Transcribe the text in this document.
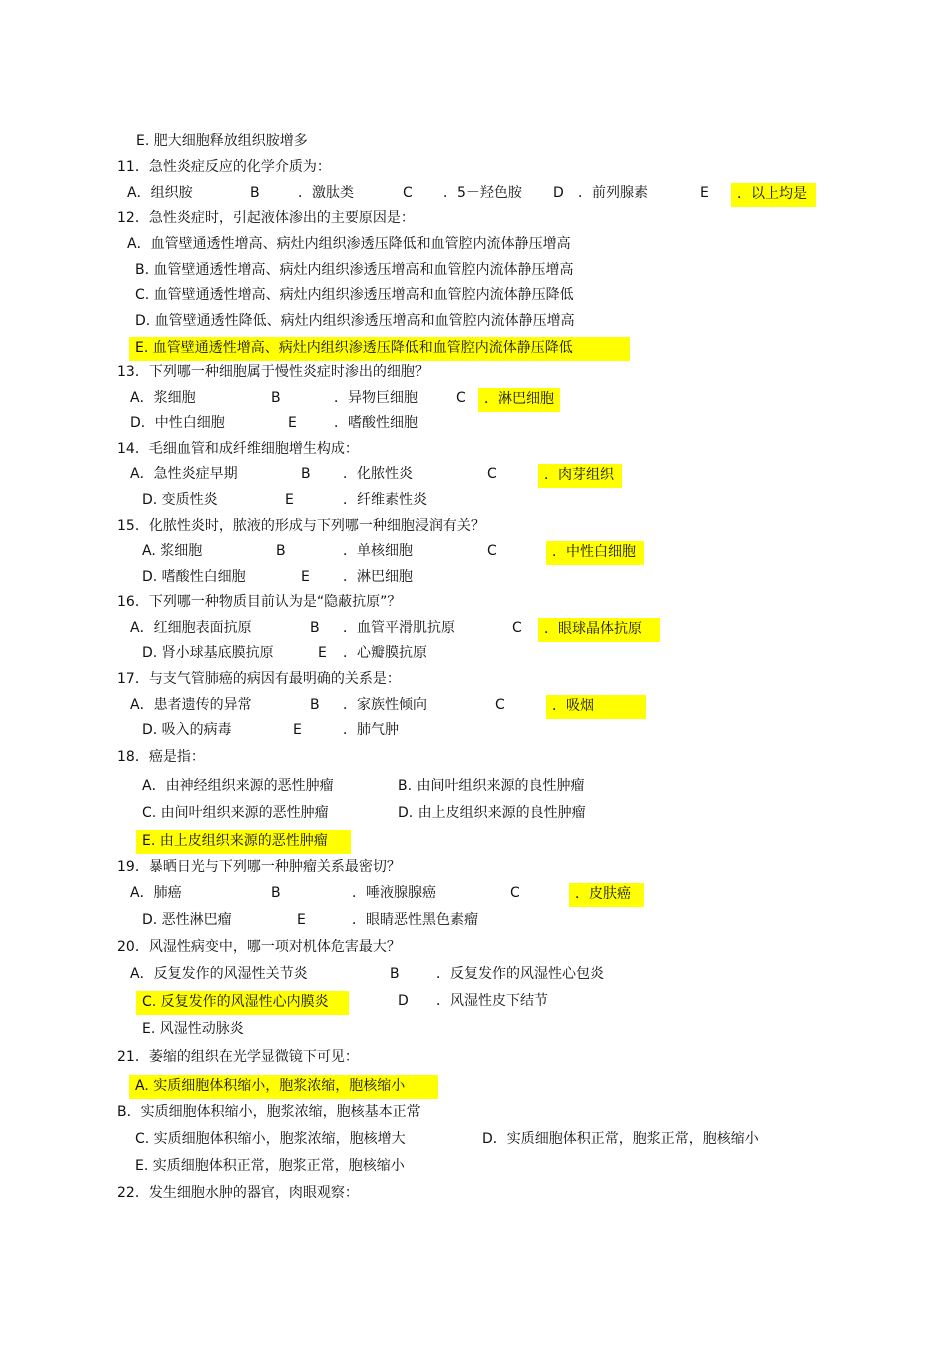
E. 肥大细胞释放组织胺增多
11．急性炎症反应的化学介质为：
A．组织胺	B	．激肽类	C ．5－羟色胺 D ．前列腺素	E	．以上均是
12．急性炎症时，引起液体渗出的主要原因是：
A．血管壁通透性增高、病灶内组织渗透压降低和血管腔内流体静压增高
B. 血管壁通透性增高、病灶内组织渗透压增高和血管腔内流体静压增高
C. 血管壁通透性增高、病灶内组织渗透压增高和血管腔内流体静压降低
D. 血管壁通透性降低、病灶内组织渗透压增高和血管腔内流体静压增高
E. 血管壁通透性增高、病灶内组织渗透压降低和血管腔内流体静压降低
13．下列哪一种细胞属于慢性炎症时渗出的细胞？
A．浆细胞	B	．异物巨细胞	C	．淋巴细胞
D．中性白细胞	E	．嗜酸性细胞
14．毛细血管和成纤维细胞增生构成：
A．急性炎症早期	B ．化脓性炎	C	．肉芽组织
D. 变质性炎	E	．纤维素性炎
15．化脓性炎时，脓液的形成与下列哪一种细胞浸润有关？
A. 浆细胞	B	．单核细胞	C	．中性白细胞
D. 嗜酸性白细胞	E ．淋巴细胞
16．下列哪一种物质目前认为是“隐蔽抗原”？
A．红细胞表面抗原	B ．血管平滑肌抗原	C	．眼球晶体抗原
D. 肾小球基底膜抗原	E ．心瓣膜抗原
17．与支气管肺癌的病因有最明确的关系是：
A．患者遗传的异常	B ．家族性倾向	C	．吸烟
D. 吸入的病毒	E	．肺气肿
18．癌是指：
A．由神经组织来源的恶性肿瘤	B. 由间叶组织来源的良性肿瘤
C. 由间叶组织来源的恶性肿瘤	D. 由上皮组织来源的良性肿瘤
E. 由上皮组织来源的恶性肿瘤
19．暴晒日光与下列哪一种肿瘤关系最密切？
A．肺癌	B	．唾液腺腺癌	C	．皮肤癌
D. 恶性淋巴瘤	E	．眼睛恶性黑色素瘤
20．风湿性病变中，哪一项对机体危害最大？
A．反复发作的风湿性关节炎	B	．反复发作的风湿性心包炎
C. 反复发作的风湿性心内膜炎	D ．风湿性皮下结节
E. 风湿性动脉炎
21．萎缩的组织在光学显微镜下可见：
A. 实质细胞体积缩小，胞浆浓缩，胞核缩小
B．实质细胞体积缩小，胞浆浓缩，胞核基本正常
C. 实质细胞体积缩小，胞浆浓缩，胞核增大	D．实质细胞体积正常，胞浆正常，胞核缩小
E. 实质细胞体积正常，胞浆正常，胞核缩小
22．发生细胞水肿的器官，肉眼观察：
